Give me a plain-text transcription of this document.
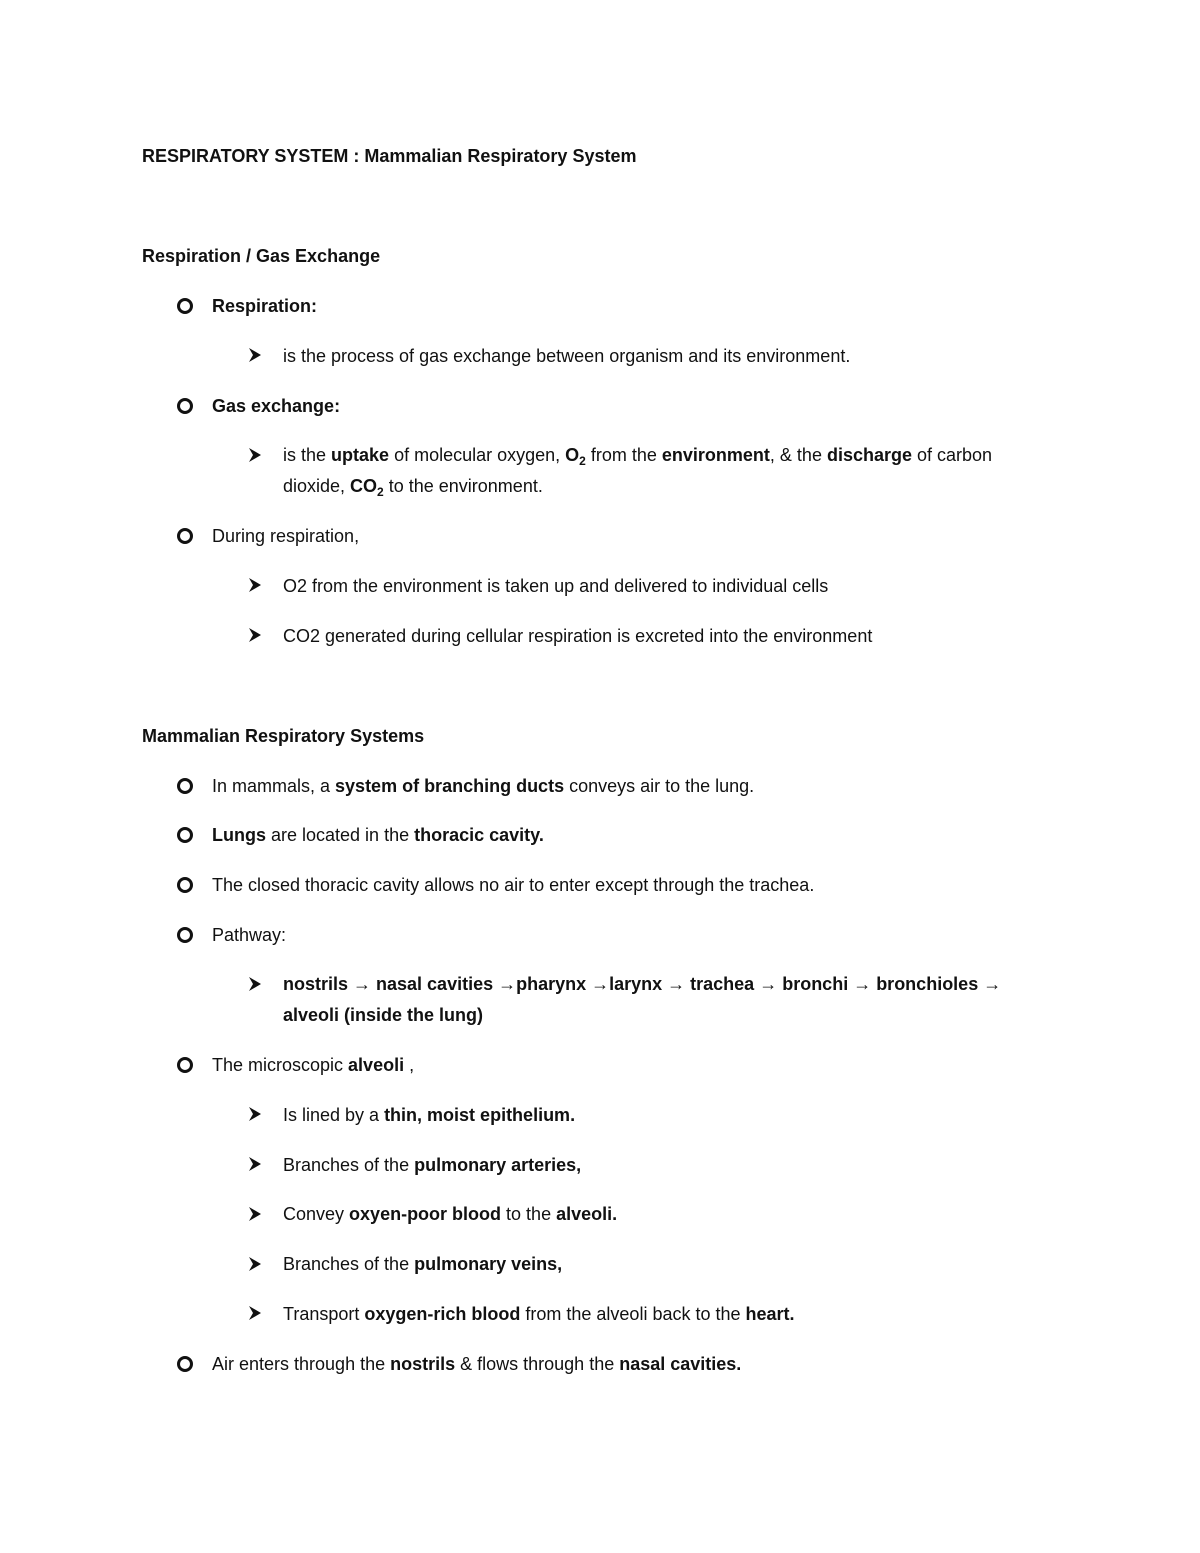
RESPIRATORY SYSTEM : Mammalian Respiratory System
Respiration / Gas Exchange
Respiration:
is the process of gas exchange between organism and its environment.
Gas exchange:
is the uptake of molecular oxygen, $O_2$ from the environment, & the discharge of carbon
dioxide, $CO_2$ to the environment.
During respiration,
O2 from the environment is taken up and delivered to individual cells
CO2 generated during cellular respiration is excreted into the environment
Mammalian Respiratory Systems
In mammals, a system of branching ducts conveys air to the lung.
Lungs are located in the thoracic cavity.
The closed thoracic cavity allows no air to enter except through the trachea.
Pathway:
nostrils → nasal cavities →pharynx →larynx → trachea → bronchi → bronchioles →
alveoli (inside the lung)
The microscopic alveoli ,
Is lined by a thin, moist epithelium.
Branches of the pulmonary arteries,
Convey oxyen-poor blood to the alveoli.
Branches of the pulmonary veins,
Transport oxygen-rich blood from the alveoli back to the heart.
Air enters through the nostrils & flows through the nasal cavities.
